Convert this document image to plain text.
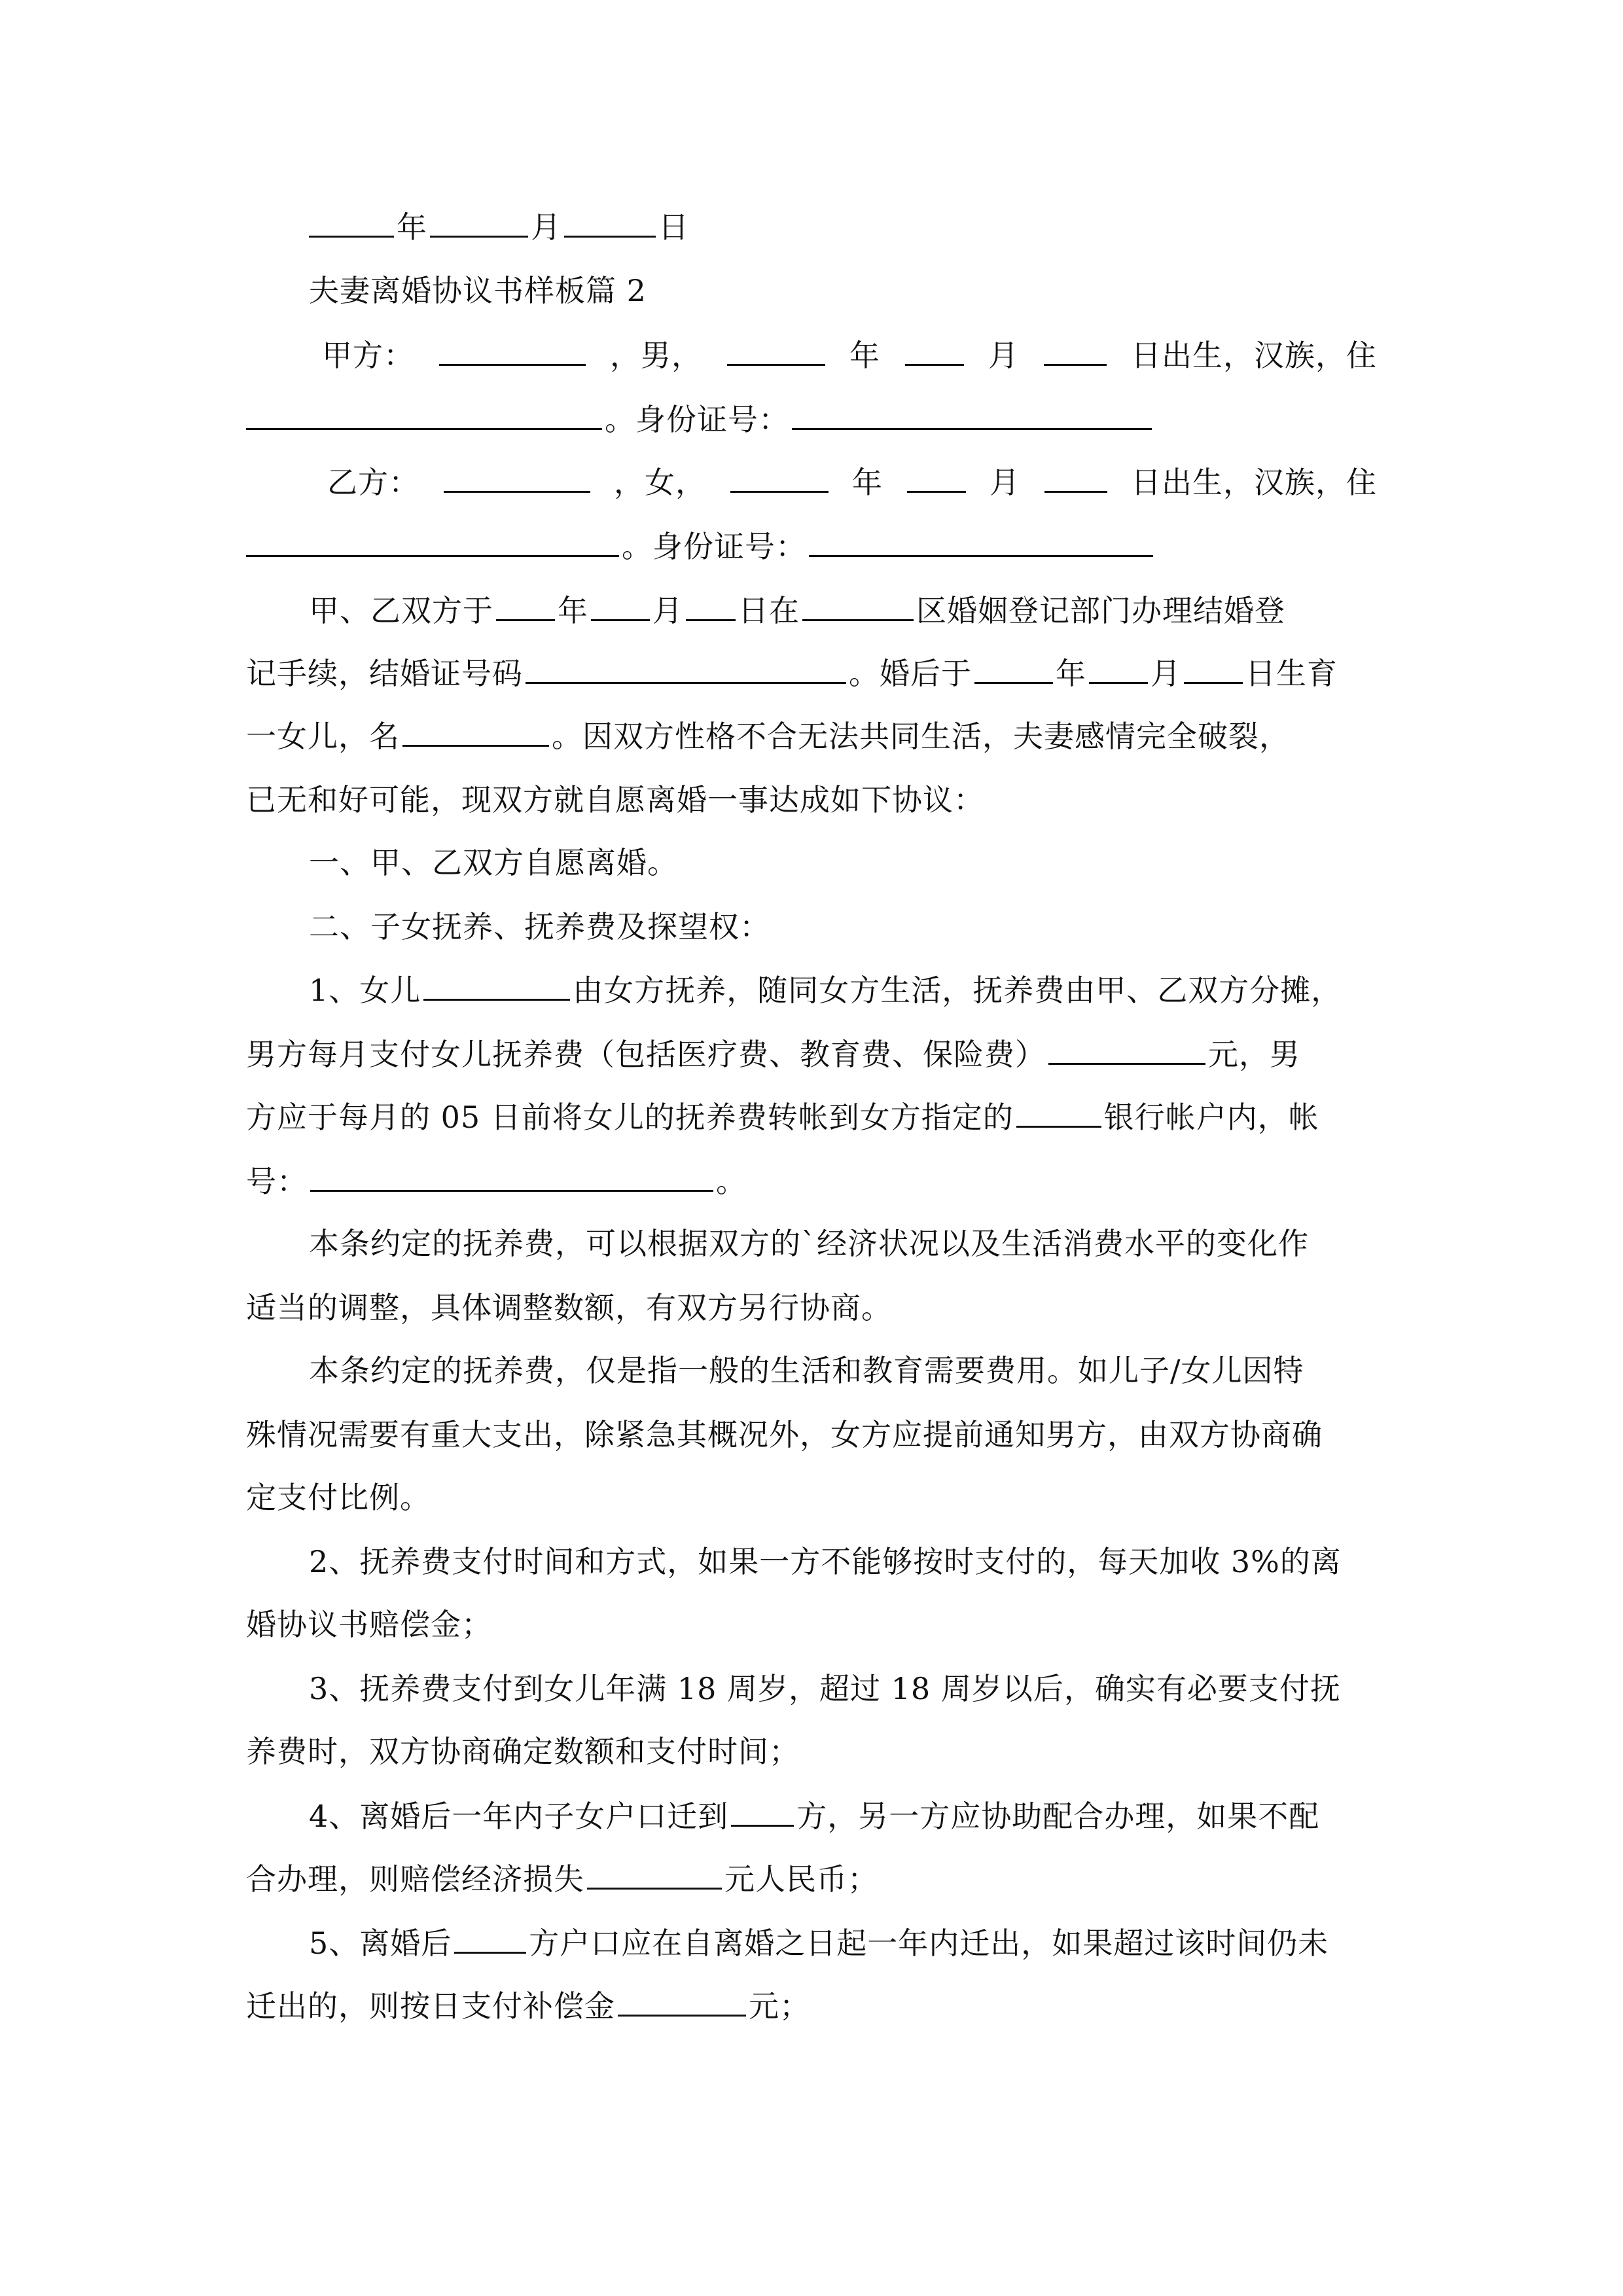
年	月	日
夫妻离婚协议书样板篇 2
甲方：	，男，	年	月	日出生，汉族，住
。身份证号：
乙方：	，女，	年	月	日出生，汉族，住
。身份证号：
甲、乙双方于 年 月 日在	区婚姻登记部门办理结婚登
记手续，结婚证号码	。婚后于	年 月 日生育
一女儿，名	。因双方性格不合无法共同生活，夫妻感情完全破裂，
已无和好可能，现双方就自愿离婚一事达成如下协议：
一、甲、乙双方自愿离婚。
二、子女抚养、抚养费及探望权：
1、女儿	由女方抚养，随同女方生活，抚养费由甲、乙双方分摊，
男方每月支付女儿抚养费（包括医疗费、教育费、保险费）	元，男
方应于每月的 05 日前将女儿的抚养费转帐到女方指定的	银行帐户内，帐
号：	。
本条约定的抚养费，可以根据双方的`经济状况以及生活消费水平的变化作
适当的调整，具体调整数额，有双方另行协商。
本条约定的抚养费，仅是指一般的生活和教育需要费用。如儿子/女儿因特
殊情况需要有重大支出，除紧急其概况外，女方应提前通知男方，由双方协商确
定支付比例。
2、抚养费支付时间和方式，如果一方不能够按时支付的，每天加收 3%的离
婚协议书赔偿金；
3、抚养费支付到女儿年满 18 周岁，超过 18 周岁以后，确实有必要支付抚
养费时，双方协商确定数额和支付时间；
4、离婚后一年内子女户口迁到 方，另一方应协助配合办理，如果不配
合办理，则赔偿经济损失	元人民币；
5、离婚后	方户口应在自离婚之日起一年内迁出，如果超过该时间仍未
迁出的，则按日支付补偿金	元；
